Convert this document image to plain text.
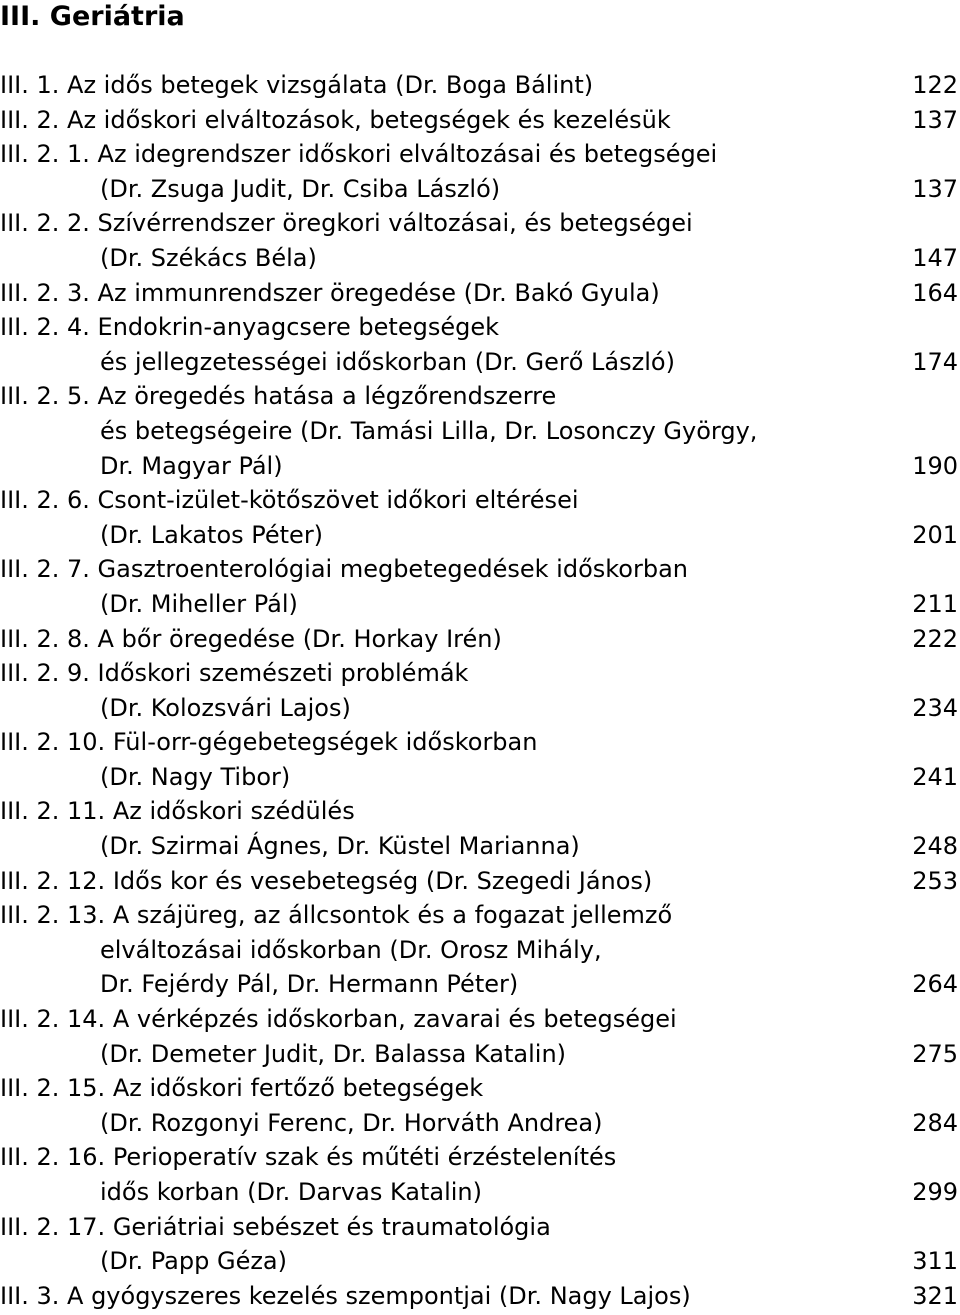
III. Geriátria
III. 1. Az idős betegek vizsgálata (Dr. Boga Bálint)	122
III. 2. Az időskori elváltozások, betegségek és kezelésük	137
III. 2. 1. Az idegrendszer időskori elváltozásai és betegségei
(Dr. Zsuga Judit, Dr. Csiba László)	137
III. 2. 2. Szívérrendszer öregkori változásai, és betegségei
(Dr. Székács Béla)	147
III. 2. 3. Az immunrendszer öregedése (Dr. Bakó Gyula)	164
III. 2. 4. Endokrin-anyagcsere betegségek
és jellegzetességei időskorban (Dr. Gerő László)	174
III. 2. 5. Az öregedés hatása a légzőrendszerre
és betegségeire (Dr. Tamási Lilla, Dr. Losonczy György,
Dr. Magyar Pál)	190
III. 2. 6. Csont-izület-kötőszövet időkori eltérései
(Dr. Lakatos Péter)	201
III. 2. 7. Gasztroenterológiai megbetegedések időskorban
(Dr. Miheller Pál)	211
III. 2. 8. A bőr öregedése (Dr. Horkay Irén)	222
III. 2. 9. Időskori szemészeti problémák
(Dr. Kolozsvári Lajos)	234
III. 2. 10. Fül-orr-gégebetegségek időskorban
(Dr. Nagy Tibor)	241
III. 2. 11. Az időskori szédülés
(Dr. Szirmai Ágnes, Dr. Küstel Marianna)	248
III. 2. 12. Idős kor és vesebetegség (Dr. Szegedi János)	253
III. 2. 13. A szájüreg, az állcsontok és a fogazat jellemző
elváltozásai időskorban (Dr. Orosz Mihály,
Dr. Fejérdy Pál, Dr. Hermann Péter)	264
III. 2. 14. A vérképzés időskorban, zavarai és betegségei
(Dr. Demeter Judit, Dr. Balassa Katalin)	275
III. 2. 15. Az időskori fertőző betegségek
(Dr. Rozgonyi Ferenc, Dr. Horváth Andrea)	284
III. 2. 16. Perioperatív szak és műtéti érzéstelenítés
idős korban (Dr. Darvas Katalin)	299
III. 2. 17. Geriátriai sebészet és traumatológia
(Dr. Papp Géza)	311
III. 3. A gyógyszeres kezelés szempontjai (Dr. Nagy Lajos)	321
